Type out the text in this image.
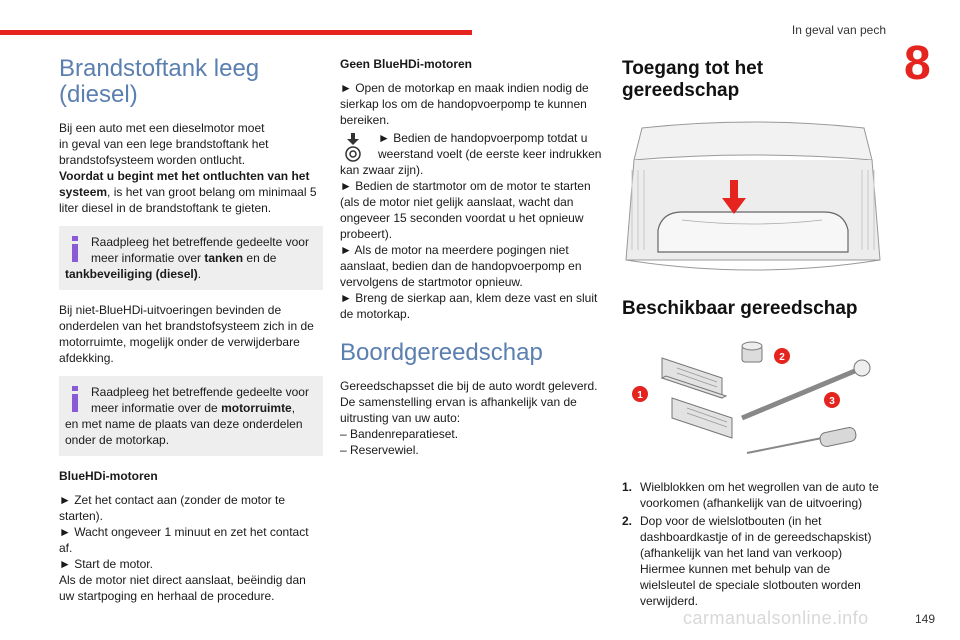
In geval van pech
8
Brandstoftank leeg
(diesel)

Bij een auto met een dieselmotor moet
in geval van een lege brandstoftank het
brandstofsysteem worden ontlucht.
Voordat u begint met het ontluchten van het
systeem, is het van groot belang om minimaal 5
liter diesel in de brandstoftank te gieten.

Raadpleeg het betreffende gedeelte voor
meer informatie over tanken en de
tankbeveiliging (diesel).

Bij niet-BlueHDi-uitvoeringen bevinden de
onderdelen van het brandstofsysteem zich in de
motorruimte, mogelijk onder de verwijderbare
afdekking.

Raadpleeg het betreffende gedeelte voor
meer informatie over de motorruimte,
en met name de plaats van deze onderdelen
onder de motorkap.
BlueHDi-motoren

► Zet het contact aan (zonder de motor te
starten).
► Wacht ongeveer 1 minuut en zet het contact
af.
► Start de motor.
Als de motor niet direct aanslaat, beëindig dan
uw startpoging en herhaal de procedure.

Geen BlueHDi-motoren

► Open de motorkap en maak indien nodig de
sierkap los om de handopvoerpomp te kunnen
bereiken.

► Bedien de handopvoerpomp totdat u
weerstand voelt (de eerste keer indrukken

kan zwaar zijn).
► Bedien de startmotor om de motor te starten
(als de motor niet gelijk aanslaat, wacht dan
ongeveer 15 seconden voordat u het opnieuw
probeert).
► Als de motor na meerdere pogingen niet
aanslaat, bedien dan de handopvoerpomp en
vervolgens de startmotor opnieuw.
► Breng de sierkap aan, klem deze vast en sluit
de motorkap.

Boordgereedschap

Gereedschapsset die bij de auto wordt geleverd.
De samenstelling ervan is afhankelijk van de
uitrusting van uw auto:
– Bandenreparatieset.
– Reservewiel.

Toegang tot het
gereedschap
Beschikbaar gereedschap
1
2
3
1. Wielblokken om het wegrollen van de auto te
voorkomen (afhankelijk van de uitvoering)
2. Dop voor de wielslotbouten (in het
dashboardkastje of in de gereedschapskist)
(afhankelijk van het land van verkoop)
Hiermee kunnen met behulp van de
wielsleutel de speciale slotbouten worden
verwijderd.
carmanualsonline.info	149
